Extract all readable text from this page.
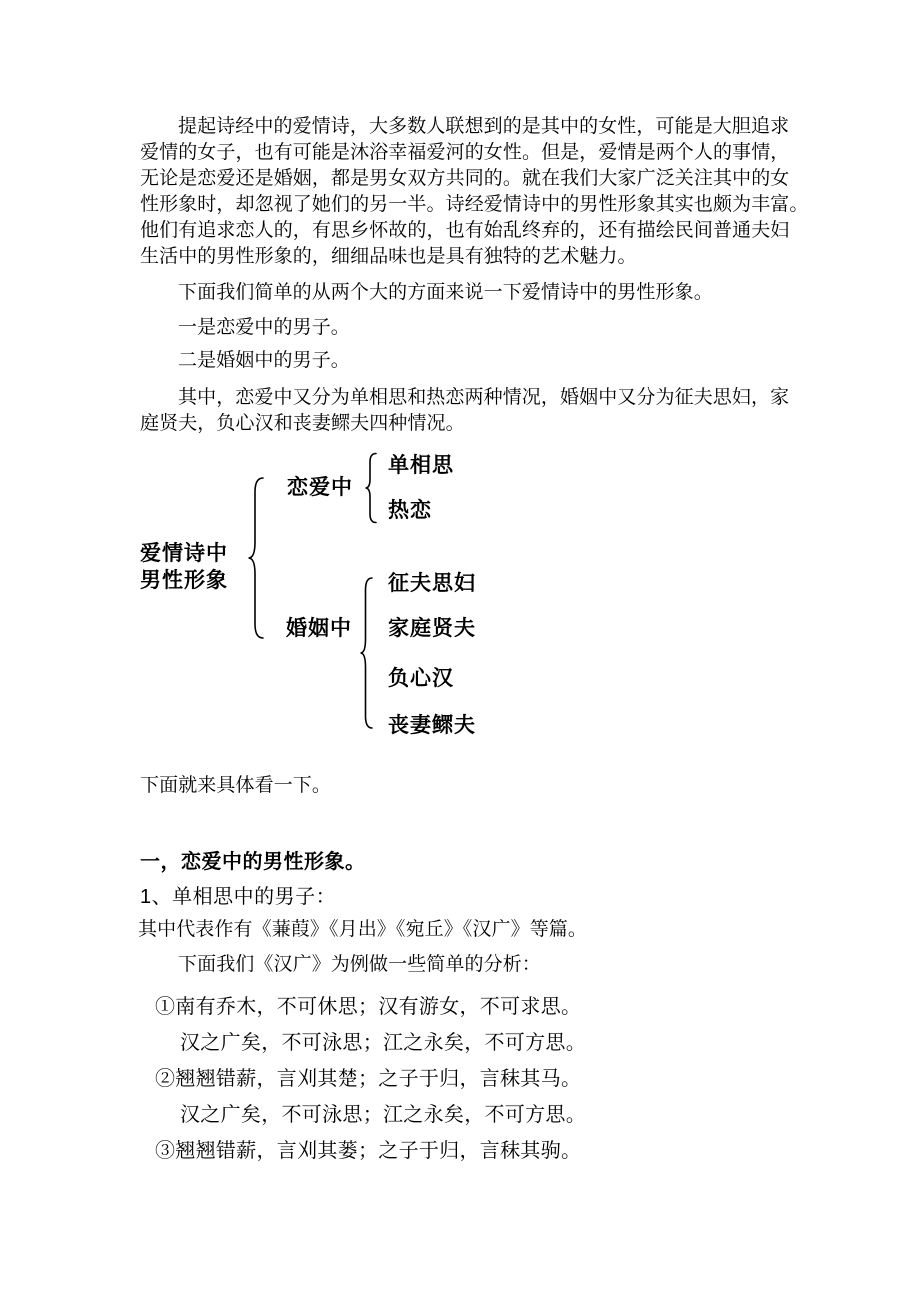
提起诗经中的爱情诗，大多数人联想到的是其中的女性，可能是大胆追求
爱情的女子，也有可能是沐浴幸福爱河的女性。但是，爱情是两个人的事情，
无论是恋爱还是婚姻，都是男女双方共同的。就在我们大家广泛关注其中的女
性形象时，却忽视了她们的另一半。诗经爱情诗中的男性形象其实也颇为丰富。
他们有追求恋人的，有思乡怀故的，也有始乱终弃的，还有描绘民间普通夫妇
生活中的男性形象的，细细品味也是具有独特的艺术魅力。
下面我们简单的从两个大的方面来说一下爱情诗中的男性形象。
一是恋爱中的男子。
二是婚姻中的男子。
其中，恋爱中又分为单相思和热恋两种情况，婚姻中又分为征夫思妇，家
庭贤夫，负心汉和丧妻鳏夫四种情况。
爱情诗中
男性形象
恋爱中
单相思
热恋
婚姻中
征夫思妇
家庭贤夫
负心汉
丧妻鳏夫
下面就来具体看一下。
一，恋爱中的男性形象。
1、单相思中的男子：
其中代表作有《蒹葭》《月出》《宛丘》《汉广》等篇。
下面我们《汉广》为例做一些简单的分析：
①南有乔木，不可休思；汉有游女，不可求思。
汉之广矣，不可泳思；江之永矣，不可方思。
②翘翘错薪，言刈其楚；之子于归，言秣其马。
汉之广矣，不可泳思；江之永矣，不可方思。
③翘翘错薪，言刈其蒌；之子于归，言秣其驹。
